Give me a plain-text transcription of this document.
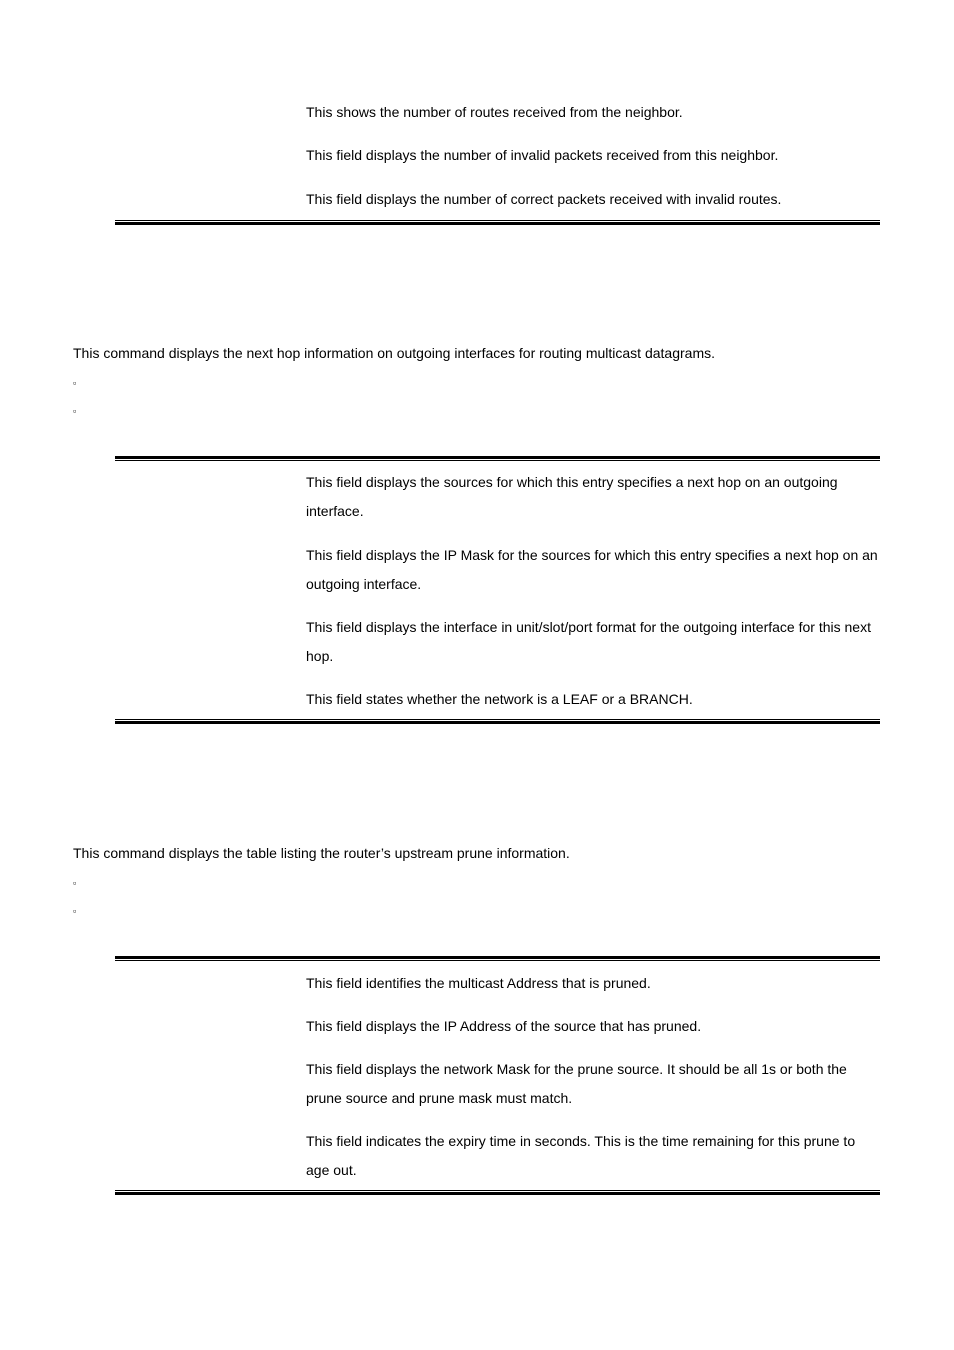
This shows the number of routes received from the neighbor.

This field displays the number of invalid packets received from this neighbor.

This field displays the number of correct packets received with invalid routes.

This command displays the next hop information on outgoing interfaces for routing multicast datagrams.
▫
▫

This field displays the sources for which this entry specifies a next hop on an outgoing interface.

This field displays the IP Mask for the sources for which this entry specifies a next hop on an outgoing interface.

This field displays the interface in unit/slot/port format for the outgoing interface for this next hop.

This field states whether the network is a LEAF or a BRANCH.

This command displays the table listing the router’s upstream prune information.
▫
▫

This field identifies the multicast Address that is pruned.

This field displays the IP Address of the source that has pruned.

This field displays the network Mask for the prune source. It should be all 1s or both the prune source and prune mask must match.

This field indicates the expiry time in seconds. This is the time remaining for this prune to age out.
